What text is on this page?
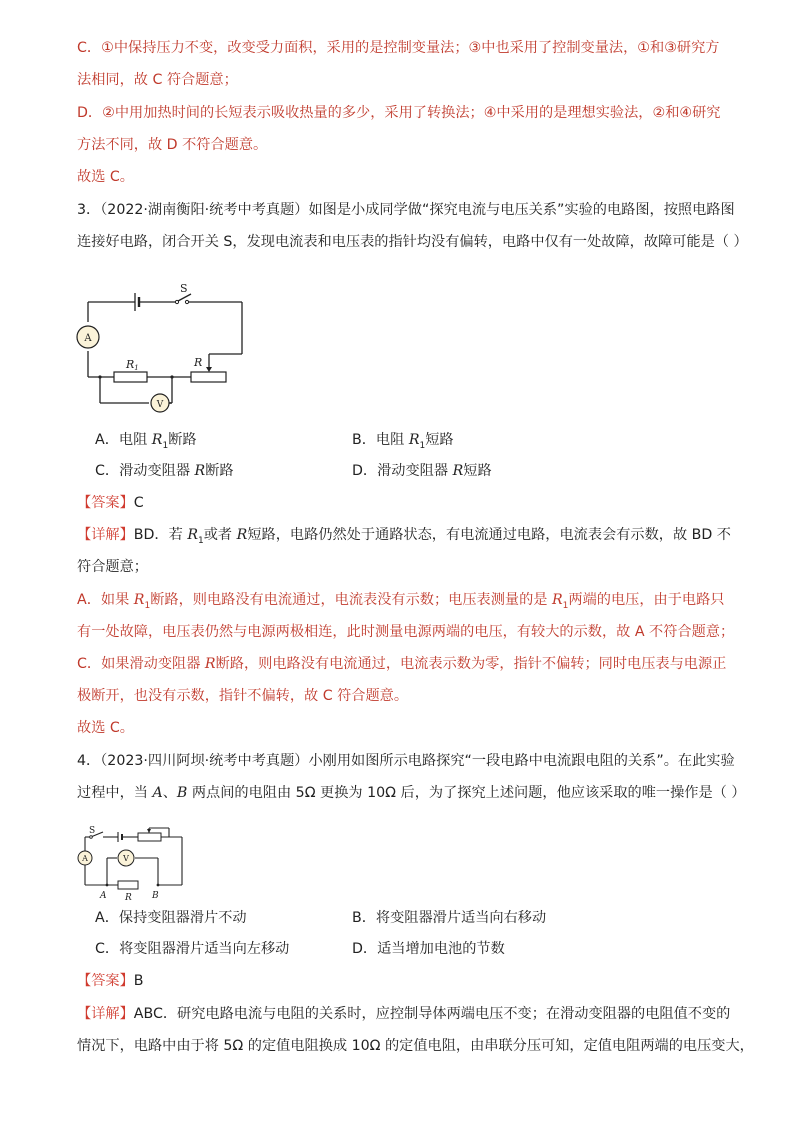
C．①中保持压力不变，改变受力面积，采用的是控制变量法；③中也采用了控制变量法，①和③研究方
法相同，故 C 符合题意；
D．②中用加热时间的长短表示吸收热量的多少，采用了转换法；④中采用的是理想实验法，②和④研究
方法不同，故 D 不符合题意。
故选 C。
3．（2022·湖南衡阳·统考中考真题）如图是小成同学做“探究电流与电压关系”实验的电路图，按照电路图
连接好电路，闭合开关 S，发现电流表和电压表的指针均没有偏转，电路中仅有一处故障，故障可能是（ ）
S
A
R1	R
V
A．电阻 $R_1$断路	B．电阻 $R_1$短路
C．滑动变阻器 R断路	D．滑动变阻器 R短路
【答案】C
【详解】BD．若 $R_1$或者 R短路，电路仍然处于通路状态，有电流通过电路，电流表会有示数，故 BD 不
符合题意；
A．如果 $R_1$断路，则电路没有电流通过，电流表没有示数；电压表测量的是 $R_1$两端的电压，由于电路只
有一处故障，电压表仍然与电源两极相连，此时测量电源两端的电压，有较大的示数，故 A 不符合题意；
C．如果滑动变阻器 R断路，则电路没有电流通过，电流表示数为零，指针不偏转；同时电压表与电源正
极断开，也没有示数，指针不偏转，故 C 符合题意。
故选 C。
4．（2023·四川阿坝·统考中考真题）小刚用如图所示电路探究“一段电路中电流跟电阻的关系”。在此实验
过程中，当 A、B 两点间的电阻由 5Ω 更换为 10Ω 后，为了探究上述问题，他应该采取的唯一操作是（ ）
S
A	V
A R B
A．保持变阻器滑片不动	B．将变阻器滑片适当向右移动
C．将变阻器滑片适当向左移动	D．适当增加电池的节数
【答案】B
【详解】ABC．研究电路电流与电阻的关系时，应控制导体两端电压不变；在滑动变阻器的电阻值不变的
情况下，电路中由于将 5Ω 的定值电阻换成 10Ω 的定值电阻，由串联分压可知，定值电阻两端的电压变大，
